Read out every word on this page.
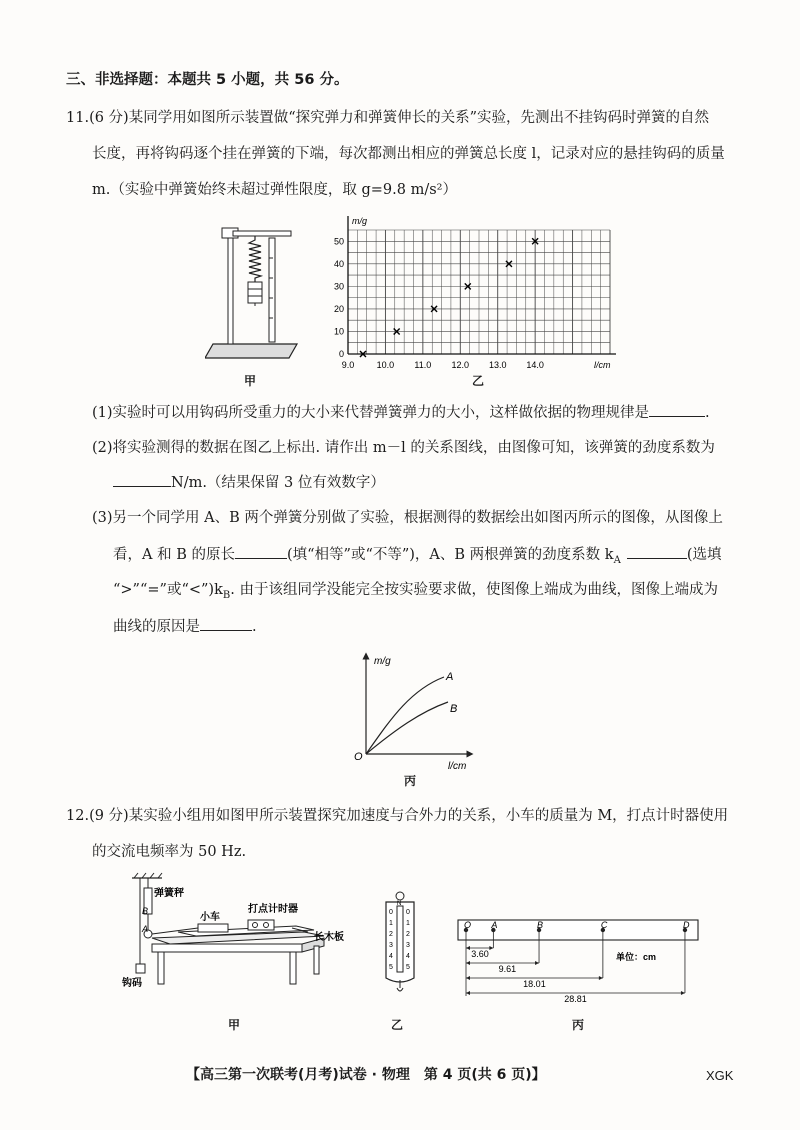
三、非选择题：本题共 5 小题，共 56 分。
11.(6 分)某同学用如图所示装置做“探究弹力和弹簧伸长的关系”实验，先测出不挂钩码时弹簧的自然
长度，再将钩码逐个挂在弹簧的下端，每次都测出相应的弹簧总长度 l，记录对应的悬挂钩码的质量
m.（实验中弹簧始终未超过弹性限度，取 g=9.8 m/s²）
甲
m/g
l/cm
10
20
30
40
50
0
9.0 10.0 11.0 12.0 13.0 14.0
乙
(1)实验时可以用钩码所受重力的大小来代替弹簧弹力的大小，这样做依据的物理规律是	.
(2)将实验测得的数据在图乙上标出. 请作出 m－l 的关系图线，由图像可知，该弹簧的劲度系数为
N/m.（结果保留 3 位有效数字）
(3)另一个同学用 A、B 两个弹簧分别做了实验，根据测得的数据绘出如图丙所示的图像，从图像上
看，A 和 B 的原长	(填“相等”或“不等”)，A、B 两根弹簧的劲度系数 $k_A$	(选填
“>”“=”或“$<”)k_B$. 由于该组同学没能完全按实验要求做，使图像上端成为曲线，图像上端成为
曲线的原因是	.
m/g
O
A
B
l/cm
丙
12.(9 分)某实验小组用如图甲所示装置探究加速度与合外力的关系，小车的质量为 M，打点计时器使用
的交流电频率为 50 Hz.
弹簧秤
B
A
小车
打点计时器
长木板
钩码
甲
N
0 0
1 1
2 2
3 3
4 4
5 5
乙
O A	B	C	D
3.60
9.61
18.01
28.81
单位：cm
丙
【高三第一次联考(月考)试卷 · 物理　第 4 页(共 6 页)】	XGK
